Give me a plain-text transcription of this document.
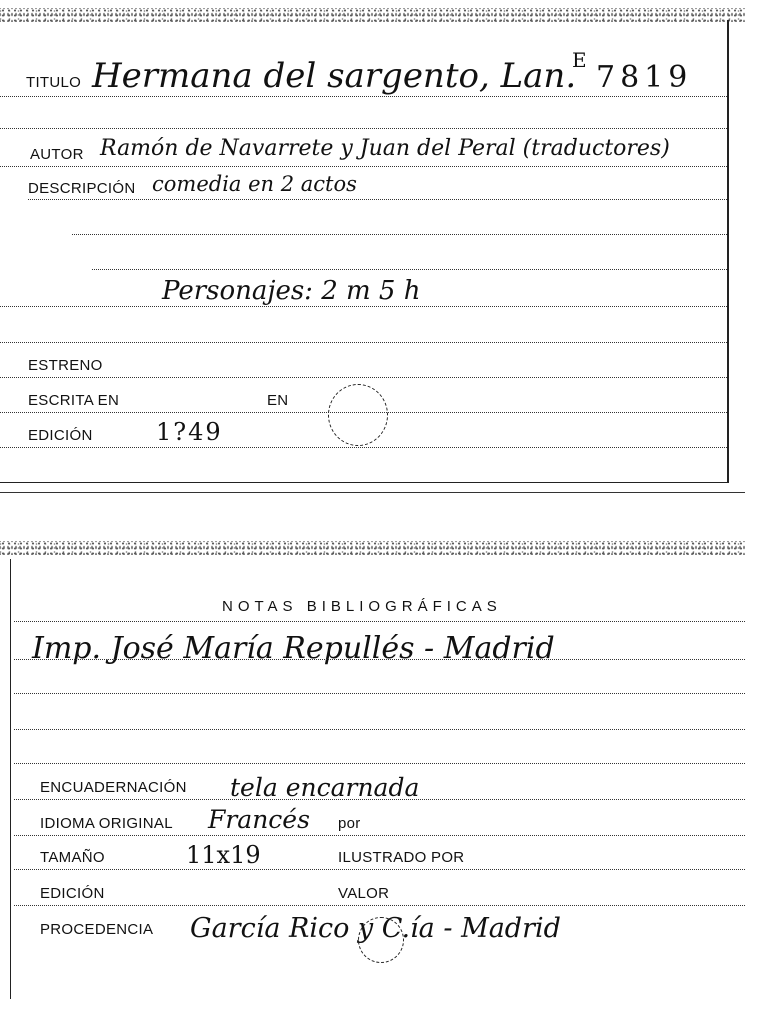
TITULO Hermana del sargento, Lan.
E 7819
AUTOR Ramón de Navarrete y Juan del Peral (traductores)
DESCRIPCIÓN comedia en 2 actos
Personajes: 2 m 5 h
ESTRENO
ESCRITA EN	EN
EDICIÓN	1?49
NOTAS BIBLIOGRÁFICAS
Imp. José María Repullés - Madrid
ENCUADERNACIÓN tela encarnada
IDIOMA ORIGINAL Francés por
TAMAÑO	11x19	ILUSTRADO POR
EDICIÓN	VALOR
PROCEDENCIA García Rico y C.ía - Madrid
